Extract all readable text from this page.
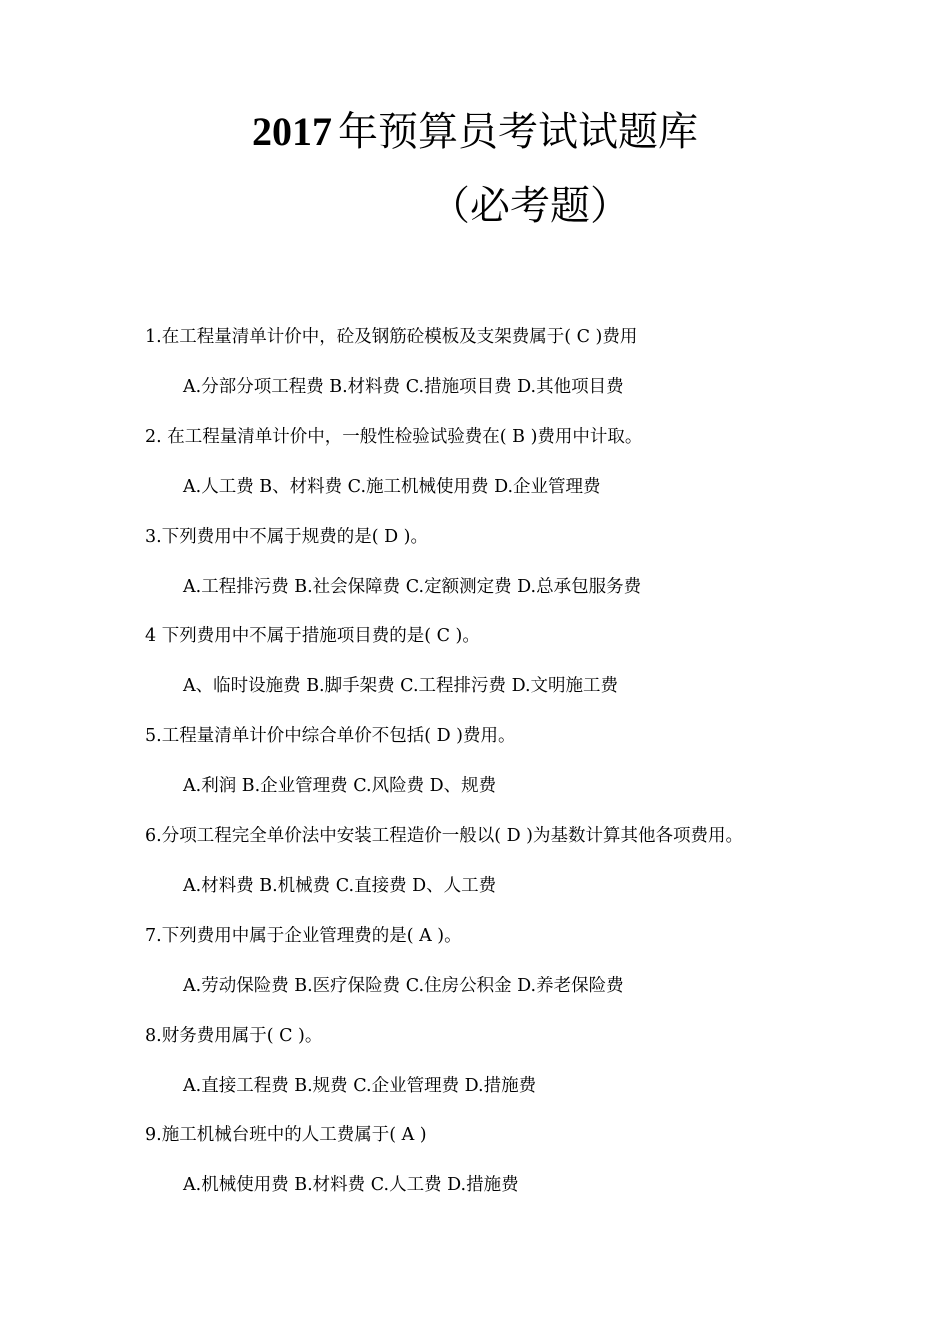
2017 年预算员考试试题库
（必考题）
1.在工程量清单计价中，砼及钢筋砼模板及支架费属于( C )费用
A.分部分项工程费 B.材料费 C.措施项目费 D.其他项目费
2. 在工程量清单计价中，一般性检验试验费在( B )费用中计取。
A.人工费 B、材料费 C.施工机械使用费 D.企业管理费
3.下列费用中不属于规费的是( D )。
A.工程排污费 B.社会保障费 C.定额测定费 D.总承包服务费
4 下列费用中不属于措施项目费的是( C )。
A、临时设施费 B.脚手架费 C.工程排污费 D.文明施工费
5.工程量清单计价中综合单价不包括( D )费用。
A.利润 B.企业管理费 C.风险费 D、规费
6.分项工程完全单价法中安装工程造价一般以( D )为基数计算其他各项费用。
A.材料费 B.机械费 C.直接费 D、人工费
7.下列费用中属于企业管理费的是( A )。
A.劳动保险费 B.医疗保险费 C.住房公积金 D.养老保险费
8.财务费用属于( C )。
A.直接工程费 B.规费 C.企业管理费 D.措施费
9.施工机械台班中的人工费属于( A )
A.机械使用费 B.材料费 C.人工费 D.措施费
